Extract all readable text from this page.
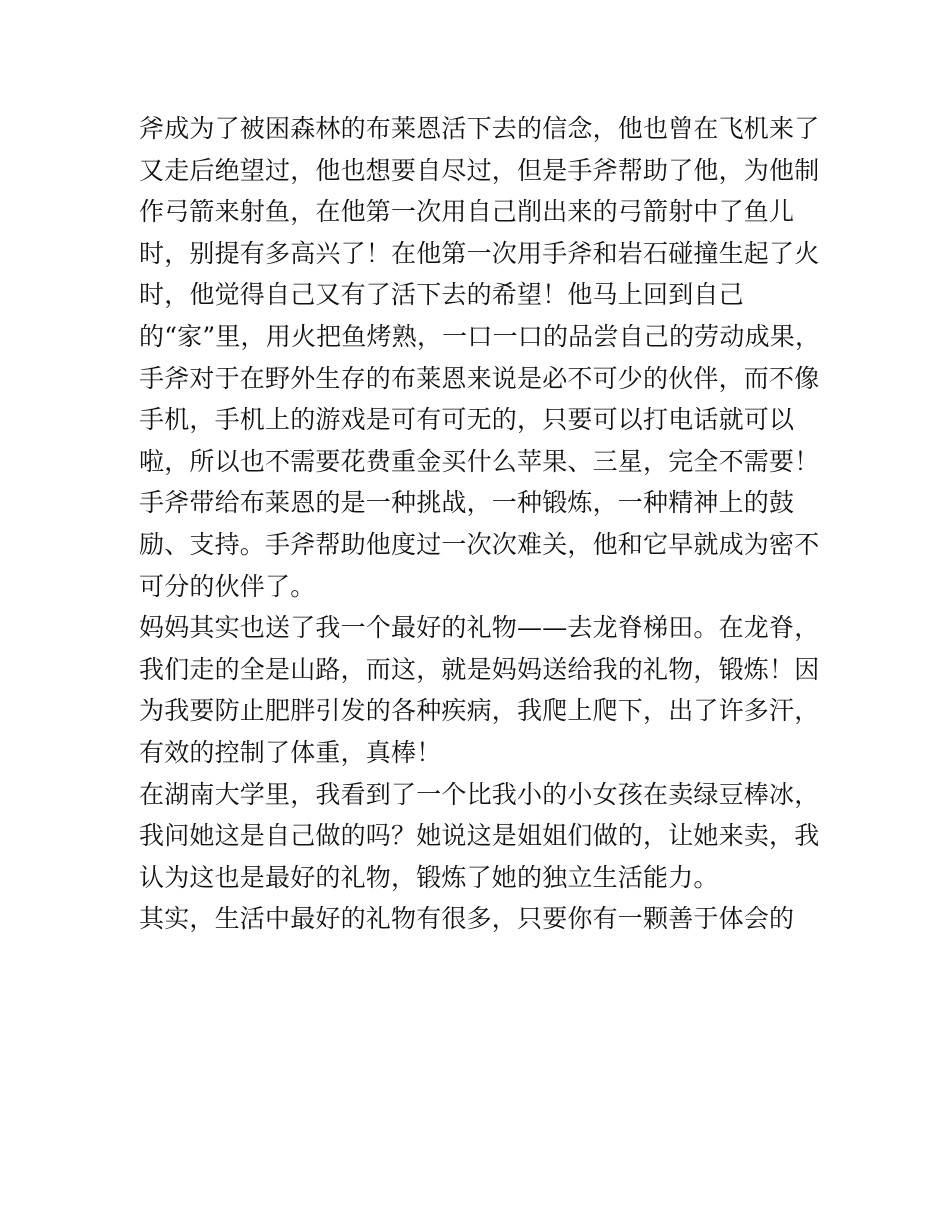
斧成为了被困森林的布莱恩活下去的信念，他也曾在飞机来了
又走后绝望过，他也想要自尽过，但是手斧帮助了他，为他制
作弓箭来射鱼，在他第一次用自己削出来的弓箭射中了鱼儿
时，别提有多高兴了！在他第一次用手斧和岩石碰撞生起了火
时，他觉得自己又有了活下去的希望！他马上回到自己
的“家”里，用火把鱼烤熟，一口一口的品尝自己的劳动成果，
手斧对于在野外生存的布莱恩来说是必不可少的伙伴，而不像
手机，手机上的游戏是可有可无的，只要可以打电话就可以
啦，所以也不需要花费重金买什么苹果、三星，完全不需要！
手斧带给布莱恩的是一种挑战，一种锻炼，一种精神上的鼓
励、支持。手斧帮助他度过一次次难关，他和它早就成为密不
可分的伙伴了。
妈妈其实也送了我一个最好的礼物——去龙脊梯田。在龙脊，
我们走的全是山路，而这，就是妈妈送给我的礼物，锻炼！因
为我要防止肥胖引发的各种疾病，我爬上爬下，出了许多汗，
有效的控制了体重，真棒！
在湖南大学里，我看到了一个比我小的小女孩在卖绿豆棒冰，
我问她这是自己做的吗？她说这是姐姐们做的，让她来卖，我
认为这也是最好的礼物，锻炼了她的独立生活能力。
其实，生活中最好的礼物有很多，只要你有一颗善于体会的
